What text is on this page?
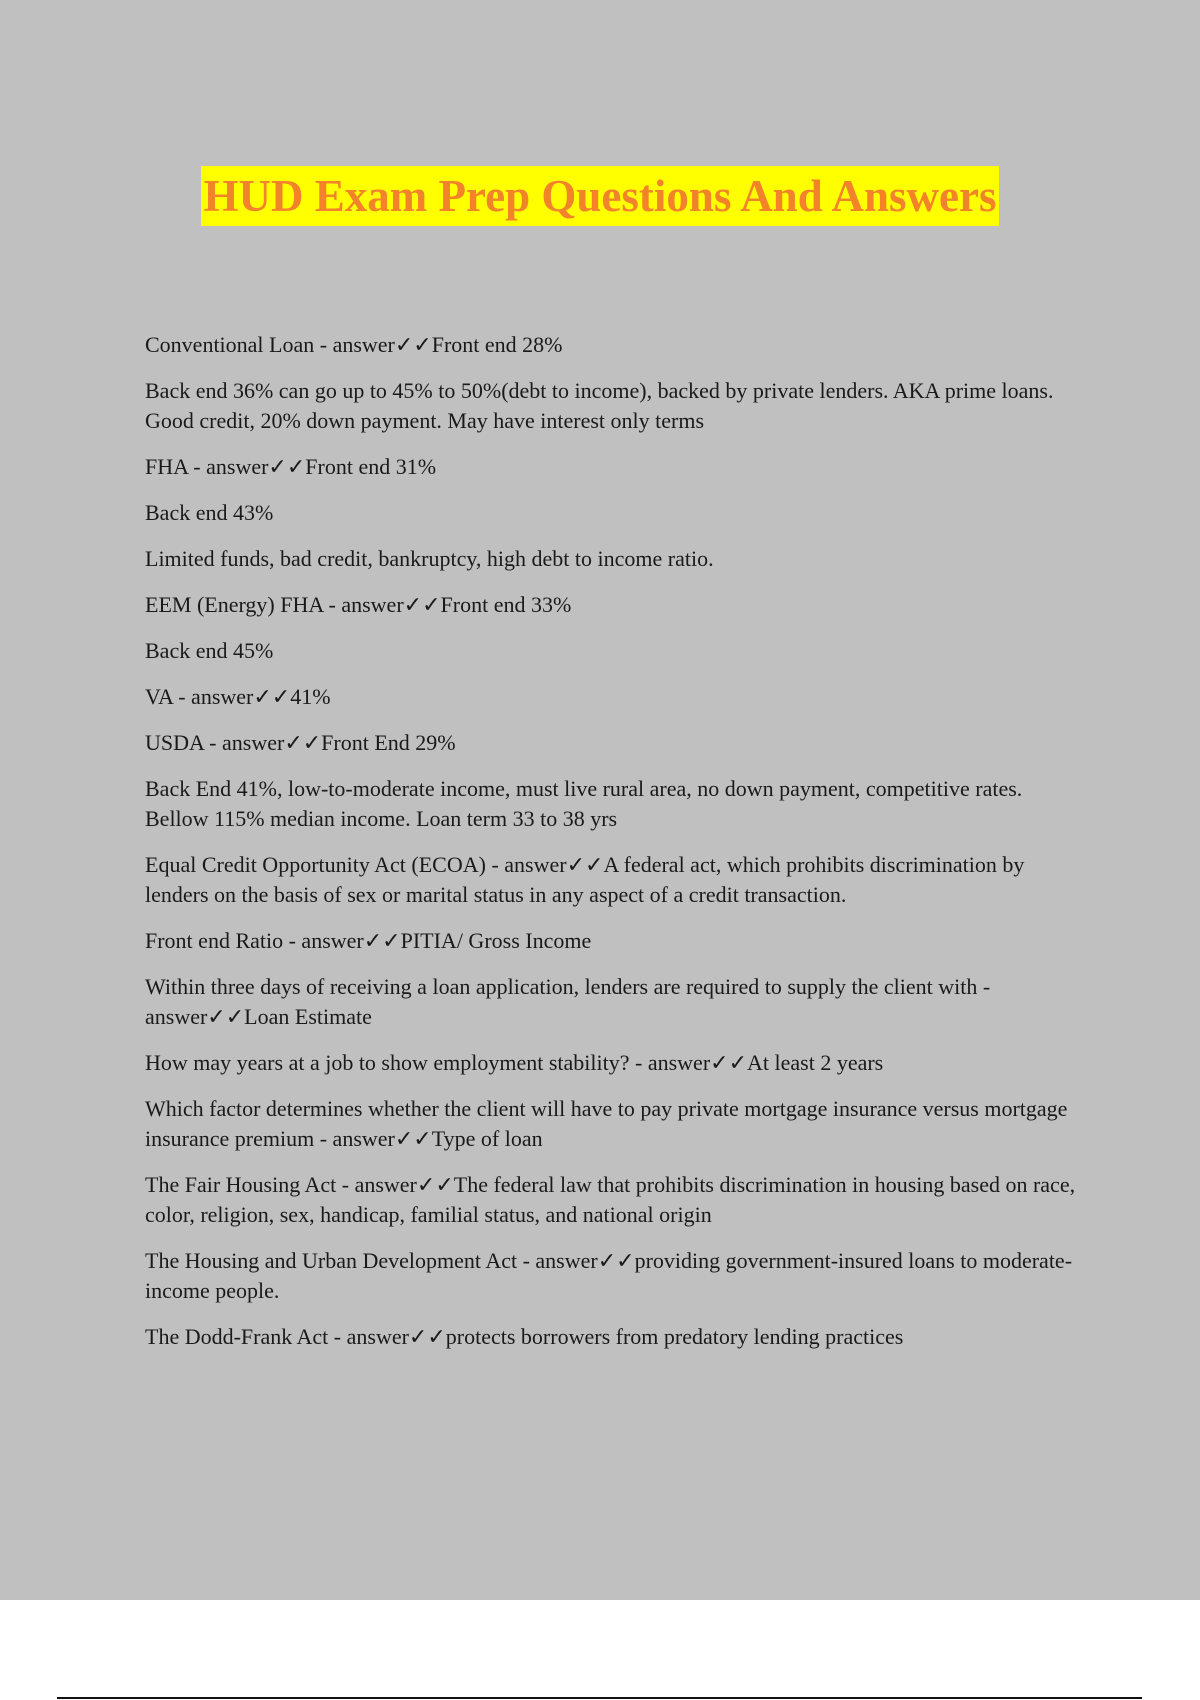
HUD Exam Prep Questions And Answers

Conventional Loan - answer✓✓Front end 28%

Back end 36% can go up to 45% to 50%(debt to income), backed by private lenders. AKA prime loans. Good credit, 20% down payment. May have interest only terms

FHA - answer✓✓Front end 31%

Back end 43%

Limited funds, bad credit, bankruptcy, high debt to income ratio.

EEM (Energy) FHA - answer✓✓Front end 33%

Back end 45%

VA - answer✓✓41%

USDA - answer✓✓Front End 29%

Back End 41%, low-to-moderate income, must live rural area, no down payment, competitive rates. Bellow 115% median income. Loan term 33 to 38 yrs

Equal Credit Opportunity Act (ECOA) - answer✓✓A federal act, which prohibits discrimination by lenders on the basis of sex or marital status in any aspect of a credit transaction.

Front end Ratio - answer✓✓PITIA/ Gross Income

Within three days of receiving a loan application, lenders are required to supply the client with - answer✓✓Loan Estimate

How may years at a job to show employment stability? - answer✓✓At least 2 years

Which factor determines whether the client will have to pay private mortgage insurance versus mortgage insurance premium - answer✓✓Type of loan

The Fair Housing Act - answer✓✓The federal law that prohibits discrimination in housing based on race, color, religion, sex, handicap, familial status, and national origin

The Housing and Urban Development Act - answer✓✓providing government-insured loans to moderate-income people.

The Dodd-Frank Act - answer✓✓protects borrowers from predatory lending practices
